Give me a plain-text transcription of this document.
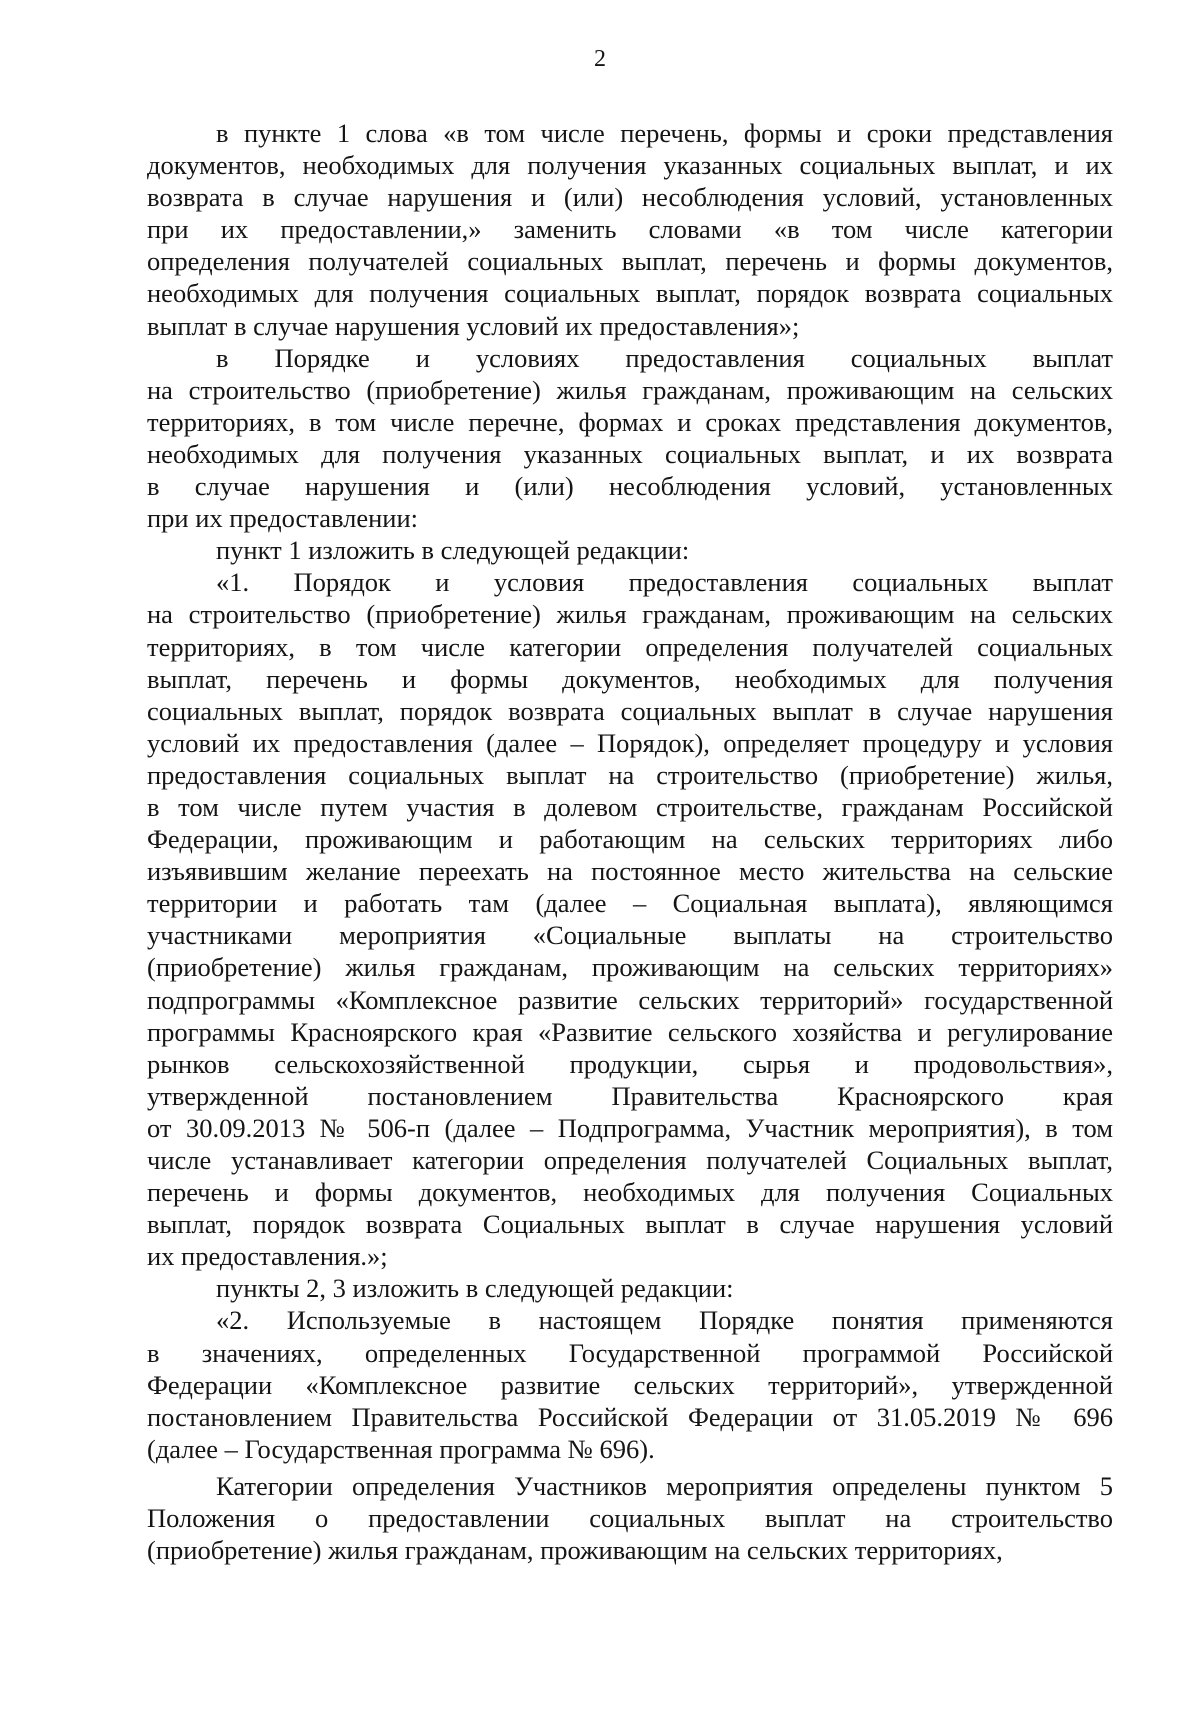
2
в пункте 1 слова «в том числе перечень, формы и сроки представления
документов, необходимых для получения указанных социальных выплат, и их
возврата в случае нарушения и (или) несоблюдения условий, установленных
при их предоставлении,» заменить словами «в том числе категории
определения получателей социальных выплат, перечень и формы документов,
необходимых для получения социальных выплат, порядок возврата социальных
выплат в случае нарушения условий их предоставления»;
в Порядке и условиях предоставления социальных выплат
на строительство (приобретение) жилья гражданам, проживающим на сельских
территориях, в том числе перечне, формах и сроках представления документов,
необходимых для получения указанных социальных выплат, и их возврата
в случае нарушения и (или) несоблюдения условий, установленных
при их предоставлении:
пункт 1 изложить в следующей редакции:
«1. Порядок и условия предоставления социальных выплат
на строительство (приобретение) жилья гражданам, проживающим на сельских
территориях, в том числе категории определения получателей социальных
выплат, перечень и формы документов, необходимых для получения
социальных выплат, порядок возврата социальных выплат в случае нарушения
условий их предоставления (далее – Порядок), определяет процедуру и условия
предоставления социальных выплат на строительство (приобретение) жилья,
в том числе путем участия в долевом строительстве, гражданам Российской
Федерации, проживающим и работающим на сельских территориях либо
изъявившим желание переехать на постоянное место жительства на сельские
территории и работать там (далее – Социальная выплата), являющимся
участниками мероприятия «Социальные выплаты на строительство
(приобретение) жилья гражданам, проживающим на сельских территориях»
подпрограммы «Комплексное развитие сельских территорий» государственной
программы Красноярского края «Развитие сельского хозяйства и регулирование
рынков сельскохозяйственной продукции, сырья и продовольствия»,
утвержденной постановлением Правительства Красноярского края
от 30.09.2013 № 506-п (далее – Подпрограмма, Участник мероприятия), в том
числе устанавливает категории определения получателей Социальных выплат,
перечень и формы документов, необходимых для получения Социальных
выплат, порядок возврата Социальных выплат в случае нарушения условий
их предоставления.»;
пункты 2, 3 изложить в следующей редакции:
«2. Используемые в настоящем Порядке понятия применяются
в значениях, определенных Государственной программой Российской
Федерации «Комплексное развитие сельских территорий», утвержденной
постановлением Правительства Российской Федерации от 31.05.2019 № 696
(далее – Государственная программа № 696).
Категории определения Участников мероприятия определены пунктом 5
Положения о предоставлении социальных выплат на строительство
(приобретение) жилья гражданам, проживающим на сельских территориях,
